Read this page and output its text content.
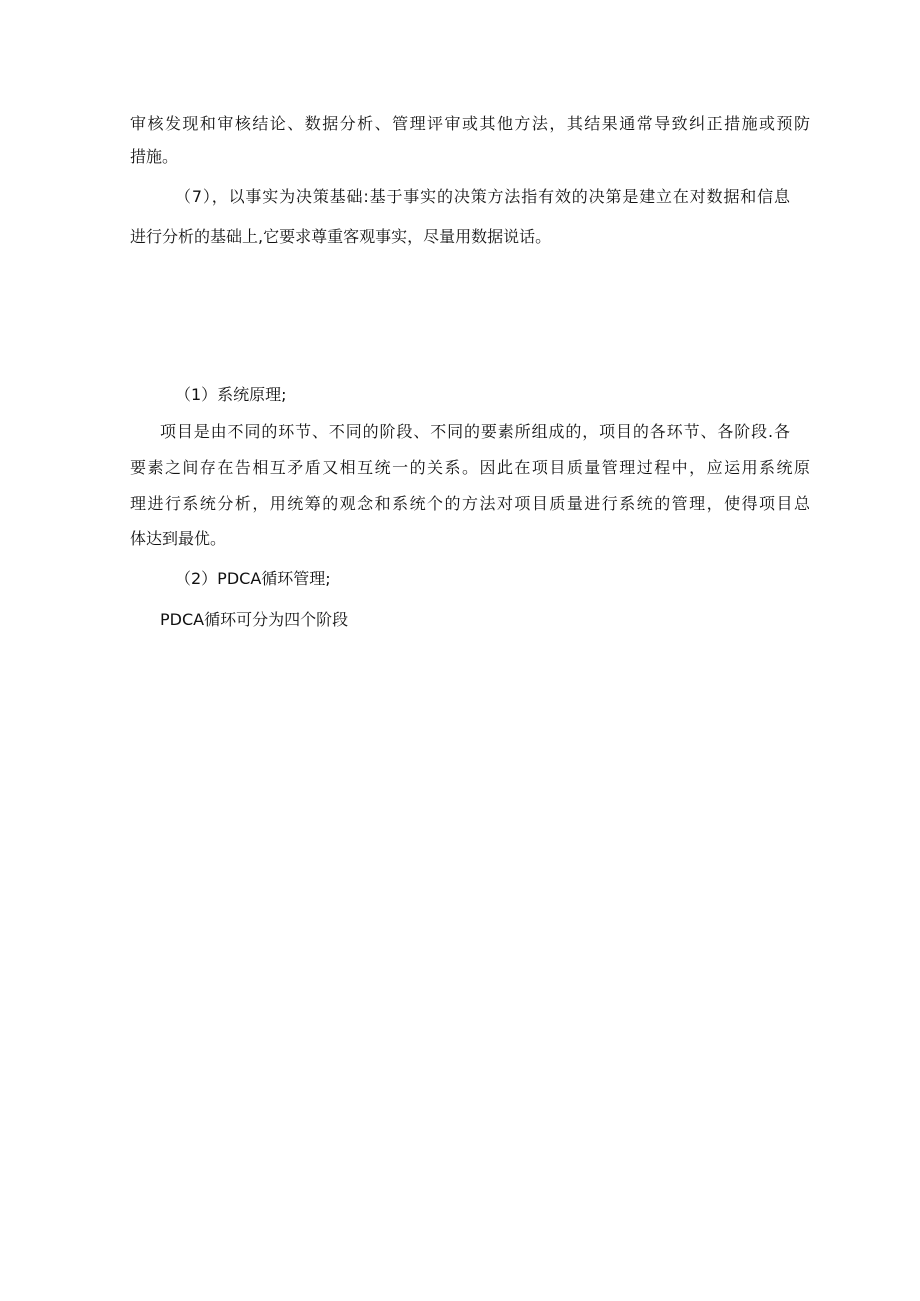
审核发现和审核结论、数据分析、管理评审或其他方法，其结果通常导致纠正措施或预防
措施。
（7），以事实为决策基础:基于事实的决策方法指有效的决第是建立在对数据和信息
进行分析的基础上,它要求尊重客观事实，尽量用数据说话。
（1）系统原理;
项目是由不同的环节、不同的阶段、不同的要素所组成的，项目的各环节、各阶段.各
要素之间存在告相互矛盾又相互统一的关系。因此在项目质量管理过程中，应运用系统原
理进行系统分析，用统筹的观念和系统个的方法对项目质量进行系统的管理，使得项目总
体达到最优。
（2）PDCA循环管理;
PDCA循环可分为四个阶段
